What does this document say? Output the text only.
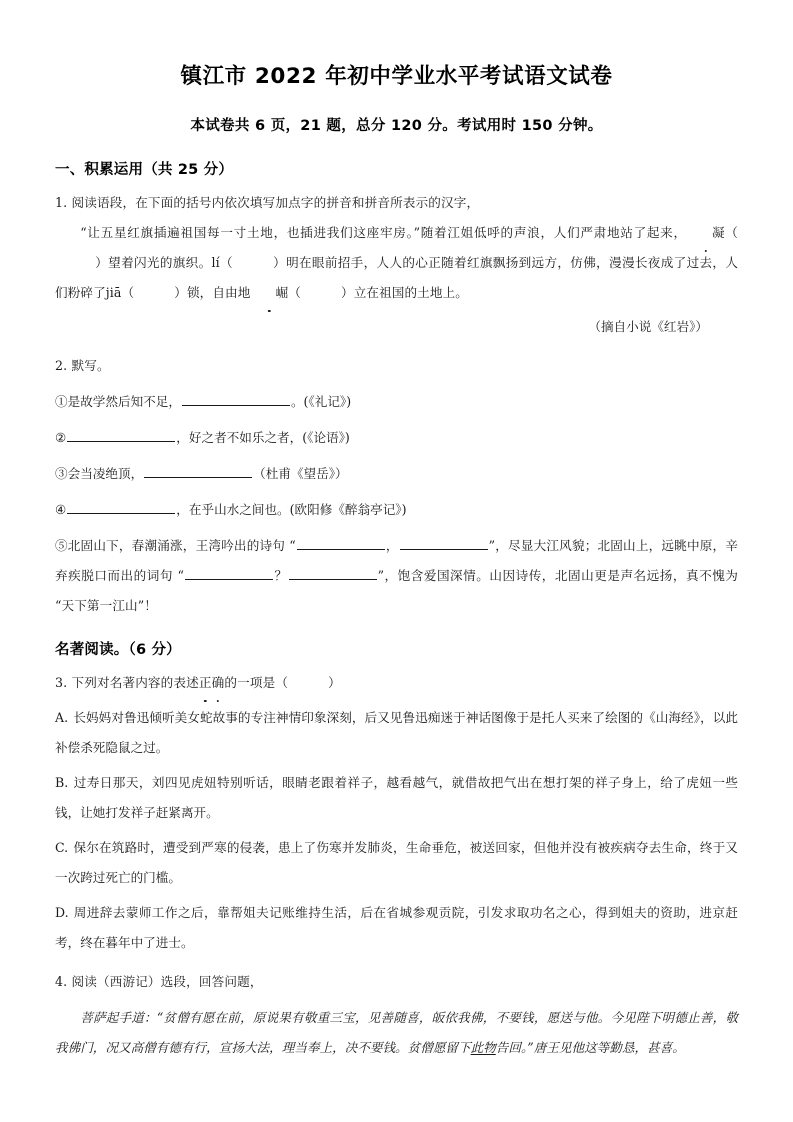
镇江市 2022 年初中学业水平考试语文试卷

本试卷共 6 页，21 题，总分 120 分。考试用时 150 分钟。

一、积累运用（共 25 分）

1. 阅读语段，在下面的括号内依次填写加点字的拼音和拼音所表示的汉字，

“让五星红旗插遍祖国每一寸土地，也插进我们这座牢房。”随着江姐低呼的声浪，人们严肃地站了起来， 凝（）望着闪光的旗织。lí（	）明在眼前招手，人人的心正随着红旗飘扬到远方，仿佛，漫漫长夜成了过去，人们粉碎了jiā（	）锁，自由地 崛（	）立在祖国的土地上。

（摘自小说《红岩》）

2. 默写。

①是故学然后知不足，	。(《礼记》)

②	，好之者不如乐之者，(《论语》)

③会当凌绝顶，	（杜甫《望岳》）

④	，在乎山水之间也。(欧阳修《醉翁亭记》)

⑤北固山下，春潮涌涨，王湾吟出的诗句 “	，	”，尽显大江风貌；北固山上，远眺中原，辛弃疾脱口而出的词句 “	？	”，饱含爱国深情。山因诗传，北固山更是声名远扬，真不愧为 “天下第一江山”！

名著阅读。（6 分）

3. 下列对名著内容的表述正确的一项是（	）

A. 长妈妈对鲁迅倾听美女蛇故事的专注神情印象深刻，后又见鲁迅痴迷于神话图像于是托人买来了绘图的《山海经》，以此补偿杀死隐鼠之过。

B. 过寿日那天，刘四见虎妞特别听话，眼睛老跟着祥子，越看越气，就借故把气出在想打架的祥子身上，给了虎妞一些钱，让她打发祥子赶紧离开。

C. 保尔在筑路时，遭受到严寒的侵袭，患上了伤寒并发肺炎，生命垂危，被送回家，但他并没有被疾病夺去生命，终于又一次跨过死亡的门槛。

D. 周进辞去蒙师工作之后，靠帮姐夫记账维持生活，后在省城参观贡院，引发求取功名之心，得到姐夫的资助，进京赶考，终在暮年中了进士。

4. 阅读（西游记）选段，回答问题，

菩萨起手道：“贫僧有愿在前，原说果有敬重三宝，见善随喜，皈依我佛，不要钱，愿送与他。今见陛下明德止善，敬我佛门，况又高僧有德有行，宣扬大法，理当奉上，决不要钱。贫僧愿留下此物告回。”唐王见他这等勤恳，甚喜。
